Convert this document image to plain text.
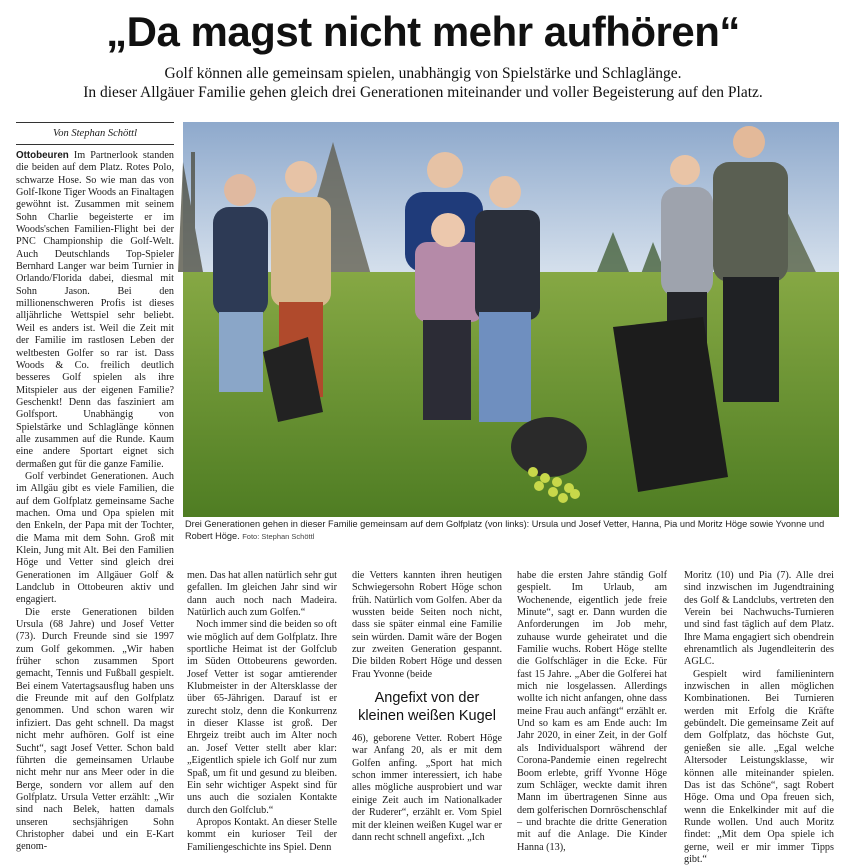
„Da magst nicht mehr aufhören“
Golf können alle gemeinsam spielen, unabhängig von Spielstärke und Schlaglänge.
In dieser Allgäuer Familie gehen gleich drei Generationen miteinander und voller Begeisterung auf den Platz.
Von Stephan Schöttl
Drei Generationen gehen in dieser Familie gemeinsam auf dem Golfplatz (von links): Ursula und Josef Vetter, Hanna, Pia und Moritz Höge sowie Yvonne und Robert Höge. Foto: Stephan Schöttl

Ottobeuren Im Partnerlook standen die beiden auf dem Platz. Rotes Polo, schwarze Hose. So wie man das von Golf-Ikone Tiger Woods an Finaltagen gewöhnt ist. Zusammen mit seinem Sohn Charlie begeisterte er im Woods'schen Familien-Flight bei der PNC Championship die Golf-Welt. Auch Deutschlands Top-Spieler Bernhard Langer war beim Turnier in Orlando/Florida dabei, diesmal mit Sohn Jason. Bei den millionenschweren Profis ist dieses alljährliche Wettspiel sehr beliebt. Weil es anders ist. Weil die Zeit mit der Familie im rastlosen Leben der weltbesten Golfer so rar ist. Dass Woods & Co. freilich deutlich besseres Golf spielen als ihre Mitspieler aus der eigenen Familie? Geschenkt! Denn das fasziniert am Golfsport. Unabhängig von Spielstärke und Schlaglänge können alle zusammen auf die Runde. Kaum eine andere Sportart eignet sich dermaßen gut für die ganze Familie.

Golf verbindet Generationen. Auch im Allgäu gibt es viele Familien, die auf dem Golfplatz gemeinsame Sache machen. Oma und Opa spielen mit den Enkeln, der Papa mit der Tochter, die Mama mit dem Sohn. Groß mit Klein, Jung mit Alt. Bei den Familien Höge und Vetter sind gleich drei Generationen im Allgäuer Golf & Landclub in Ottobeuren aktiv und engagiert.

Die erste Generationen bilden Ursula (68 Jahre) und Josef Vetter (73). Durch Freunde sind sie 1997 zum Golf gekommen. „Wir haben früher schon zusammen Sport gemacht, Tennis und Fußball gespielt. Bei einem Vatertagsausflug haben uns die Freunde mit auf den Golfplatz genommen. Und schon waren wir infiziert. Das geht schnell. Da magst nicht mehr aufhören. Golf ist eine Sucht“, sagt Josef Vetter. Schon bald führten die gemeinsamen Urlaube nicht mehr nur ans Meer oder in die Berge, sondern vor allem auf den Golfplatz. Ursula Vetter erzählt: „Wir sind nach Belek, hatten damals unseren sechsjährigen Sohn Christopher dabei und ein E-Kart genom-

men. Das hat allen natürlich sehr gut gefallen. Im gleichen Jahr sind wir dann auch noch nach Madeira. Natürlich auch zum Golfen.“

Noch immer sind die beiden so oft wie möglich auf dem Golfplatz. Ihre sportliche Heimat ist der Golfclub im Süden Ottobeurens geworden. Josef Vetter ist sogar amtierender Klubmeister in der Altersklasse der über 65-Jährigen. Darauf ist er zurecht stolz, denn die Konkurrenz in dieser Klasse ist groß. Der Ehrgeiz treibt auch im Alter noch an. Josef Vetter stellt aber klar: „Eigentlich spiele ich Golf nur zum Spaß, um fit und gesund zu bleiben. Ein sehr wichtiger Aspekt sind für uns auch die sozialen Kontakte durch den Golfclub.“

Apropos Kontakt. An dieser Stelle kommt ein kurioser Teil der Familiengeschichte ins Spiel. Denn

die Vetters kannten ihren heutigen Schwiegersohn Robert Höge schon früh. Natürlich vom Golfen. Aber da wussten beide Seiten noch nicht, dass sie später einmal eine Familie sein würden. Damit wäre der Bogen zur zweiten Generation gespannt. Die bilden Robert Höge und dessen Frau Yvonne (beide

Angefixt von der kleinen weißen Kugel

46), geborene Vetter. Robert Höge war Anfang 20, als er mit dem Golfen anfing. „Sport hat mich schon immer interessiert, ich habe alles mögliche ausprobiert und war einige Zeit auch im Nationalkader der Ruderer“, erzählt er. Vom Spiel mit der kleinen weißen Kugel war er dann recht schnell angefixt. „Ich

habe die ersten Jahre ständig Golf gespielt. Im Urlaub, am Wochenende, eigentlich jede freie Minute“, sagt er. Dann wurden die Anforderungen im Job mehr, zuhause wurde geheiratet und die Familie wuchs. Robert Höge stellte die Golfschläger in die Ecke. Für fast 15 Jahre. „Aber die Golferei hat mich nie losgelassen. Allerdings wollte ich nicht anfangen, ohne dass meine Frau auch anfängt“ erzählt er. Und so kam es am Ende auch: Im Jahr 2020, in einer Zeit, in der Golf als Individualsport während der Corona-Pandemie einen regelrecht Boom erlebte, griff Yvonne Höge zum Schläger, weckte damit ihren Mann im übertragenen Sinne aus dem golferischen Dornröschenschlaf – und brachte die dritte Generation mit auf die Anlage. Die Kinder Hanna (13),

Moritz (10) und Pia (7). Alle drei sind inzwischen im Jugendtraining des Golf & Landclubs, vertreten den Verein bei Nachwuchs-Turnieren und sind fast täglich auf dem Platz. Ihre Mama engagiert sich obendrein ehrenamtlich als Jugendleiterin des AGLC.

Gespielt wird familienintern inzwischen in allen möglichen Kombinationen. Bei Turnieren werden mit Erfolg die Kräfte gebündelt. Die gemeinsame Zeit auf dem Golfplatz, das höchste Gut, genießen sie alle. „Egal welche Altersoder Leistungsklasse, wir können alle miteinander spielen. Das ist das Schöne“, sagt Robert Höge. Oma und Opa freuen sich, wenn die Enkelkinder mit auf die Runde wollen. Und auch Moritz findet: „Mit dem Opa spiele ich gerne, weil er mir immer Tipps gibt.“
